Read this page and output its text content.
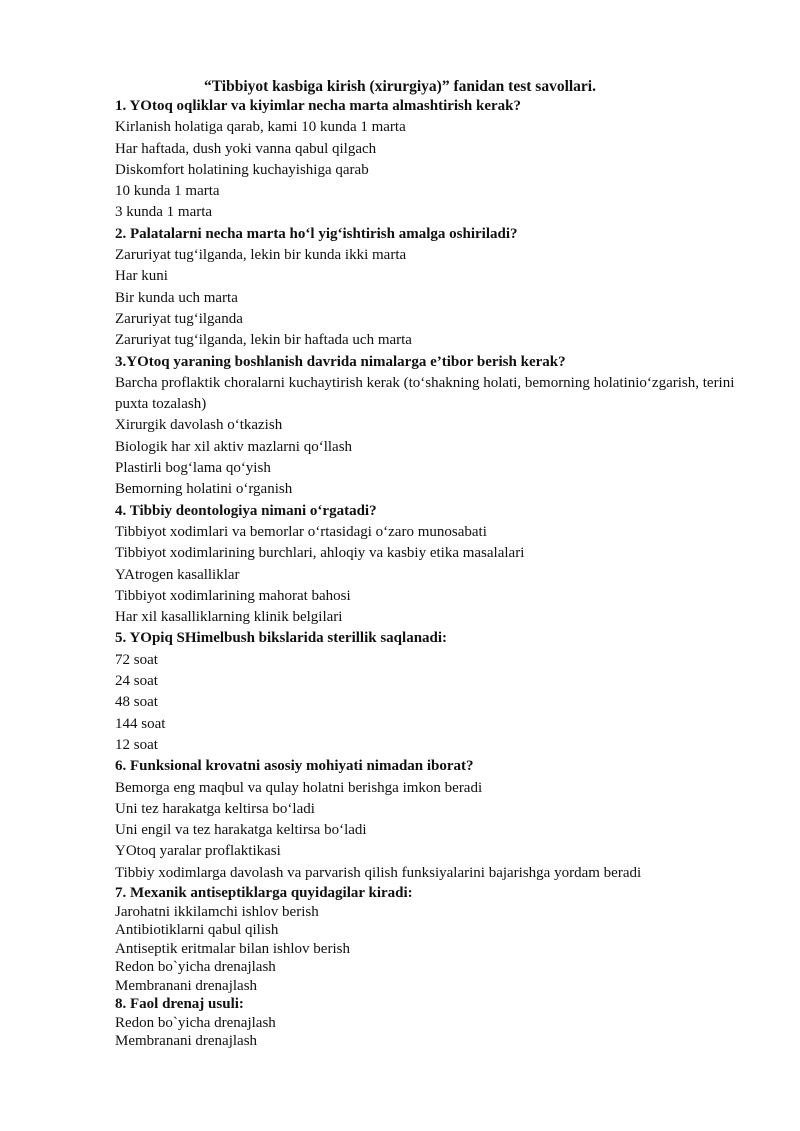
“Tibbiyot kasbiga kirish (xirurgiya)” fanidan test savollari.
1. YOtoq oqliklar va kiyimlar necha marta almashtirish kerak?
Kirlanish holatiga qarab, kami 10 kunda 1 marta
Har haftada, dush yoki vanna qabul qilgach
Diskomfort holatining kuchayishiga qarab
10 kunda 1 marta
3 kunda 1 marta
2. Palatalarni necha marta ho‘l yig‘ishtirish amalga oshiriladi?
Zaruriyat tug‘ilganda, lekin bir kunda ikki marta
Har kuni
Bir kunda uch marta
Zaruriyat tug‘ilganda
Zaruriyat tug‘ilganda, lekin bir haftada uch marta
3.YOtoq yaraning boshlanish davrida nimalarga e’tibor berish kerak?
Barcha proflaktik choralarni kuchaytirish kerak (to‘shakning holati, bemorning holatinio‘zgarish, terini puxta tozalash)
Xirurgik davolash o‘tkazish
Biologik har xil aktiv mazlarni qo‘llash
Plastirli bog‘lama qo‘yish
Bemorning holatini o‘rganish
4. Tibbiy deontologiya nimani o‘rgatadi?
Tibbiyot xodimlari va bemorlar o‘rtasidagi o‘zaro munosabati
Tibbiyot xodimlarining burchlari, ahloqiy va kasbiy etika masalalari
YAtrogen kasalliklar
Tibbiyot xodimlarining mahorat bahosi
Har xil kasalliklarning klinik belgilari
5. YOpiq SHimelbush bikslarida sterillik saqlanadi:
72 soat
24 soat
48 soat
144 soat
12 soat
6. Funksional krovatni asosiy mohiyati nimadan iborat?
Bemorga eng maqbul va qulay holatni berishga imkon beradi
Uni tez harakatga keltirsa bo‘ladi
Uni engil va tez harakatga keltirsa bo‘ladi
YOtoq yaralar proflaktikasi
Tibbiy xodimlarga davolash va parvarish qilish funksiyalarini bajarishga yordam beradi
7. Mexanik antiseptiklarga quyidagilar kiradi:
Jarohatni ikkilamchi ishlov berish
Antibiotiklarni qabul qilish
Antiseptik eritmalar bilan ishlov berish
Redon bo`yicha drenajlash
Membranani drenajlash
8. Faol drenaj usuli:
Redon bo`yicha drenajlash
Membranani drenajlash
